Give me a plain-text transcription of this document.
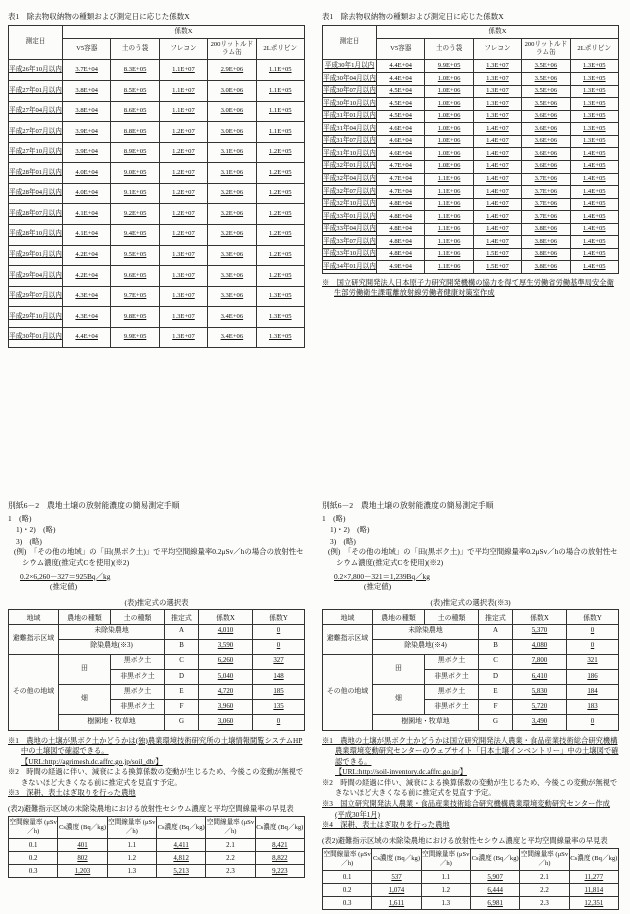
表1　除去物収納物の種類および測定日に応じた係数X
測定日	係数X				
	V5容器	土のう袋	フレコン	200リットルドラム缶	2Lポリビン
平成26年10月以内	3.7E+04	8.3E+05	1.1E+07	2.9E+06	1.1E+05
平成27年01月以内	3.8E+04	8.5E+05	1.1E+07	3.0E+06	1.1E+05
平成27年04月以内	3.8E+04	8.6E+05	1.1E+07	3.0E+06	1.1E+05
平成27年07月以内	3.9E+04	8.8E+05	1.2E+07	3.0E+06	1.1E+05
平成27年10月以内	3.9E+04	8.9E+05	1.2E+07	3.1E+06	1.2E+05
平成28年01月以内	4.0E+04	9.0E+05	1.2E+07	3.1E+06	1.2E+05
平成28年04月以内	4.0E+04	9.1E+05	1.2E+07	3.2E+06	1.2E+05
平成28年07月以内	4.1E+04	9.2E+05	1.2E+07	3.2E+06	1.2E+05
平成28年10月以内	4.1E+04	9.4E+05	1.2E+07	3.2E+06	1.2E+05
平成29年01月以内	4.2E+04	9.5E+05	1.3E+07	3.3E+06	1.2E+05
平成29年04月以内	4.2E+04	9.6E+05	1.3E+07	3.3E+06	1.2E+05
平成29年07月以内	4.3E+04	9.7E+05	1.3E+07	3.3E+06	1.3E+05
平成29年10月以内	4.3E+04	9.8E+05	1.3E+07	3.4E+06	1.3E+05
平成30年01月以内	4.4E+04	9.9E+05	1.3E+07	3.4E+06	1.3E+05
別紙6－2　農地土壌の放射能濃度の簡易測定手順
1　(略)
1)・2)　(略)
3)　(略)
(例)　「その他の地域」の「田(黒ボク土)」で平均空間線量率0.2μSv／hの場合の放射性セシウム濃度(推定式Cを使用)(※2)
0.2×6,260－327＝925Bq／kg
(推定値)
(表)推定式の選択表
地域	農地の種類	土の種類	推定式	係数X	係数Y
避難指示区域	未除染農地		A	4,010	0
	除染農地(※3)		B	3,590	0
その他の地域	田	黒ボク土	C	6,260	327
		非黒ボク土	D	5,040	148
	畑	黒ボク土	E	4,720	185
		非黒ボク土	F	3,960	135
	樹園地・牧草地		G	3,060	0
※1　農地の土壌が黒ボク土かどうかは(独)農業環境技術研究所の土壌情報閲覧システムHP中の土壌図で確認できる。
【URL:http://agrimesh.dc.affrc.go.jp/soil_db/】
※2　時間の経過に伴い、減衰による換算係数の変動が生じるため、今後この変動が無視できないほど大きくなる前に推定式を見直す予定。
※3　深耕、表土はぎ取りを行った農地
(表2)避難指示区域の未除染農地における放射性セシウム濃度と平均空間線量率の早見表
空間線量率 (μSv／h)	Cs濃度 (Bq／kg)	空間線量率 (μSv／h)	Cs濃度 (Bq／kg)	空間線量率 (μSv／h)	Cs濃度 (Bq／kg)
0.1	401	1.1	4,411	2.1	8,421
0.2	802	1.2	4,812	2.2	8,822
0.3	1,203	1.3	5,213	2.3	9,223
表1　除去物収納物の種類および測定日に応じた係数X
測定日	係数X				
	V5容器	土のう袋	フレコン	200リットルドラム缶	2Lポリビン
平成30年1月以内	4.4E+04	9.9E+05	1.3E+07	3.5E+06	1.3E+05
平成30年04月以内	4.4E+04	1.0E+06	1.3E+07	3.5E+06	1.3E+05
平成30年07月以内	4.5E+04	1.0E+06	1.3E+07	3.5E+06	1.3E+05
平成30年10月以内	4.5E+04	1.0E+06	1.3E+07	3.5E+06	1.3E+05
平成31年01月以内	4.5E+04	1.0E+06	1.3E+07	3.6E+06	1.3E+05
平成31年04月以内	4.6E+04	1.0E+06	1.4E+07	3.6E+06	1.3E+05
平成31年07月以内	4.6E+04	1.0E+06	1.4E+07	3.6E+06	1.3E+05
平成31年10月以内	4.6E+04	1.0E+06	1.4E+07	3.6E+06	1.4E+05
平成32年01月以内	4.7E+04	1.0E+06	1.4E+07	3.6E+06	1.4E+05
平成32年04月以内	4.7E+04	1.1E+06	1.4E+07	3.7E+06	1.4E+05
平成32年07月以内	4.7E+04	1.1E+06	1.4E+07	3.7E+06	1.4E+05
平成32年10月以内	4.8E+04	1.1E+06	1.4E+07	3.7E+06	1.4E+05
平成33年01月以内	4.8E+04	1.1E+06	1.4E+07	3.7E+06	1.4E+05
平成33年04月以内	4.8E+04	1.1E+06	1.4E+07	3.8E+06	1.4E+05
平成33年07月以内	4.8E+04	1.1E+06	1.4E+07	3.8E+06	1.4E+05
平成33年10月以内	4.8E+04	1.1E+06	1.5E+07	3.8E+06	1.4E+05
平成34年01月以内	4.9E+04	1.1E+06	1.5E+07	3.8E+06	1.4E+05
※　国立研究開発法人日本原子力研究開発機構の協力を得て厚生労働省労働基準局安全衛生部労働衛生課電離放射線労働者健康対策室作成
別紙6－2　農地土壌の放射能濃度の簡易測定手順
1　(略)
1)・2)　(略)
3)　(略)
(例)　「その他の地域」の「田(黒ボク土)」で平均空間線量率0.2μSv／hの場合の放射性セシウム濃度(推定式Cを使用)(※2)
0.2×7,800－321＝1,239Bq／kg
(推定値)
(表)推定式の選択表(※3)
地域	農地の種類	土の種類	推定式	係数X	係数Y
避難指示区域	未除染農地		A	5,370	0
	除染農地(※4)		B	4,080	0
その他の地域	田	黒ボク土	C	7,800	321
		非黒ボク土	D	6,410	186
	畑	黒ボク土	E	5,830	184
		非黒ボク土	F	5,720	183
	樹園地・牧草地		G	3,490	0
※1　農地の土壌が黒ボク土かどうかは国立研究開発法人農業・食品産業技術総合研究機構農業環境変動研究センターのウェブサイト「日本土壌インベントリー」中の土壌図で確認できる。
【URL:http://soil-inventory.dc.affrc.go.jp/】
※2　時間の経過に伴い、減衰による換算係数の変動が生じるため、今後この変動が無視できないほど大きくなる前に推定式を見直す予定。
※3　国立研究開発法人農業・食品産業技術総合研究機構農業環境変動研究センター作成(平成30年1月)
※4　深耕、表土はぎ取りを行った農地
(表2)避難指示区域の未除染農地における放射性セシウム濃度と平均空間線量率の早見表
空間線量率 (μSv／h)	Cs濃度 (Bq／kg)	空間線量率 (μSv／h)	Cs濃度 (Bq／kg)	空間線量率 (μSv／h)	Cs濃度 (Bq／kg)
0.1	537	1.1	5,907	2.1	11,277
0.2	1,074	1.2	6,444	2.2	11,814
0.3	1,611	1.3	6,981	2.3	12,351
